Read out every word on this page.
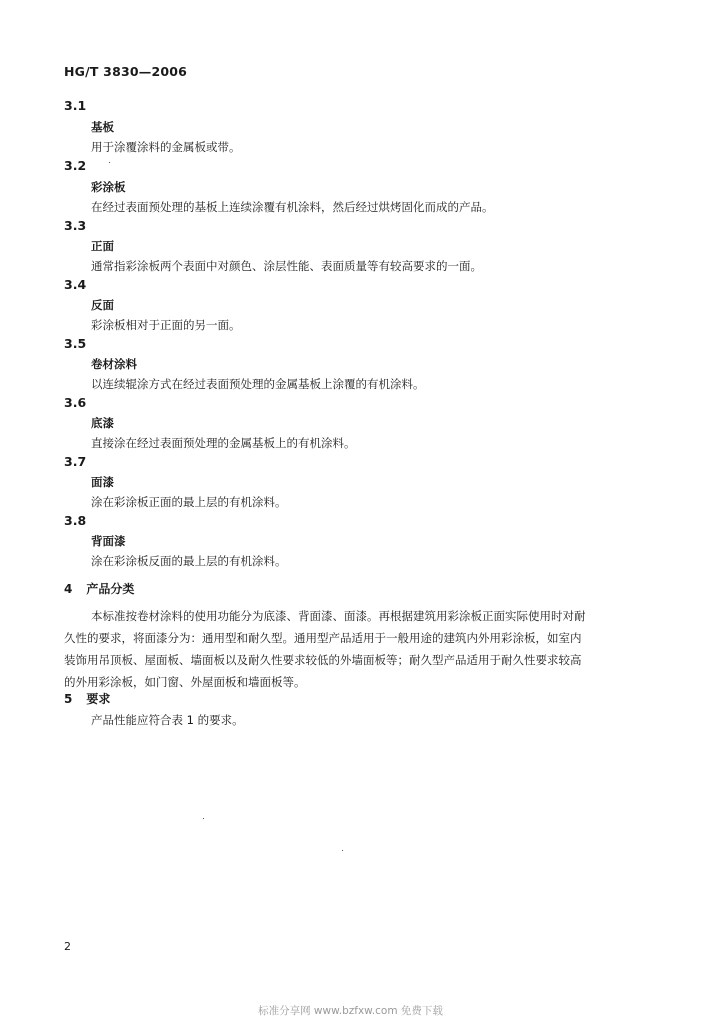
HG/T 3830—2006
3.1
基板
用于涂覆涂料的金属板或带。
3.2
彩涂板
在经过表面预处理的基板上连续涂覆有机涂料，然后经过烘烤固化而成的产品。
3.3
正面
通常指彩涂板两个表面中对颜色、涂层性能、表面质量等有较高要求的一面。
3.4
反面
彩涂板相对于正面的另一面。
3.5
卷材涂料
以连续辊涂方式在经过表面预处理的金属基板上涂覆的有机涂料。
3.6
底漆
直接涂在经过表面预处理的金属基板上的有机涂料。
3.7
面漆
涂在彩涂板正面的最上层的有机涂料。
3.8
背面漆
涂在彩涂板反面的最上层的有机涂料。
4 产品分类
本标准按卷材涂料的使用功能分为底漆、背面漆、面漆。再根据建筑用彩涂板正面实际使用时对耐
久性的要求，将面漆分为：通用型和耐久型。通用型产品适用于一般用途的建筑内外用彩涂板，如室内
装饰用吊顶板、屋面板、墙面板以及耐久性要求较低的外墙面板等；耐久型产品适用于耐久性要求较高
的外用彩涂板，如门窗、外屋面板和墙面板等。
5 要求
产品性能应符合表 1 的要求。
2
标准分享网 www.bzfxw.com 免费下载
